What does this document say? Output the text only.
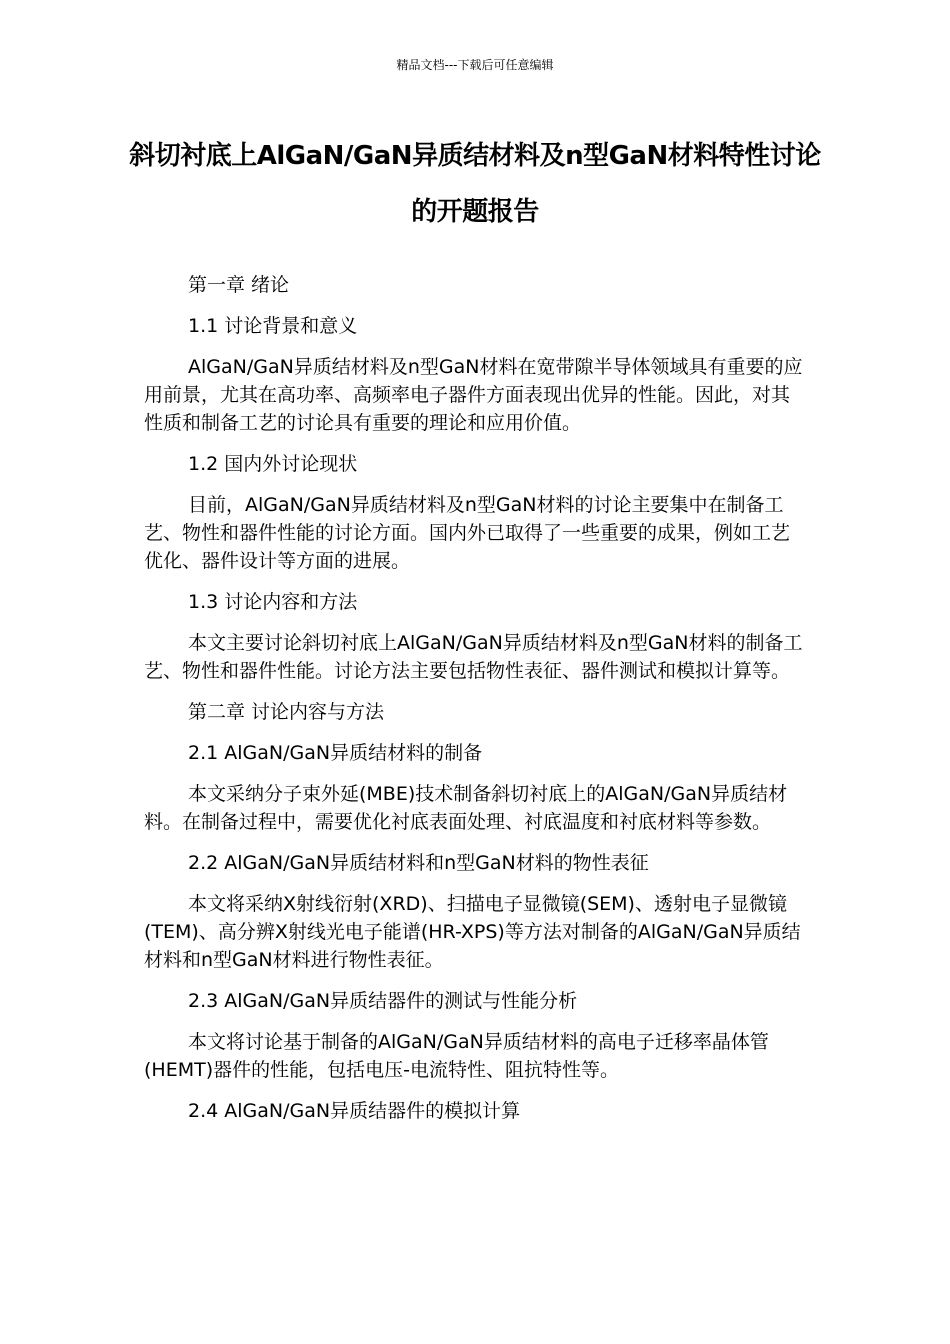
精品文档---下载后可任意编辑
斜切衬底上AlGaN/GaN异质结材料及n型GaN材料特性讨论的开题报告

第一章 绪论

1.1 讨论背景和意义

AlGaN/GaN异质结材料及n型GaN材料在宽带隙半导体领域具有重要的应用前景，尤其在高功率、高频率电子器件方面表现出优异的性能。因此，对其性质和制备工艺的讨论具有重要的理论和应用价值。

1.2 国内外讨论现状

目前，AlGaN/GaN异质结材料及n型GaN材料的讨论主要集中在制备工艺、物性和器件性能的讨论方面。国内外已取得了一些重要的成果，例如工艺优化、器件设计等方面的进展。

1.3 讨论内容和方法

本文主要讨论斜切衬底上AlGaN/GaN异质结材料及n型GaN材料的制备工艺、物性和器件性能。讨论方法主要包括物性表征、器件测试和模拟计算等。

第二章 讨论内容与方法

2.1 AlGaN/GaN异质结材料的制备

本文采纳分子束外延(MBE)技术制备斜切衬底上的AlGaN/GaN异质结材料。在制备过程中，需要优化衬底表面处理、衬底温度和衬底材料等参数。

2.2 AlGaN/GaN异质结材料和n型GaN材料的物性表征

本文将采纳X射线衍射(XRD)、扫描电子显微镜(SEM)、透射电子显微镜(TEM)、高分辨X射线光电子能谱(HR-XPS)等方法对制备的AlGaN/GaN异质结材料和n型GaN材料进行物性表征。

2.3 AlGaN/GaN异质结器件的测试与性能分析

本文将讨论基于制备的AlGaN/GaN异质结材料的高电子迁移率晶体管(HEMT)器件的性能，包括电压-电流特性、阻抗特性等。

2.4 AlGaN/GaN异质结器件的模拟计算
